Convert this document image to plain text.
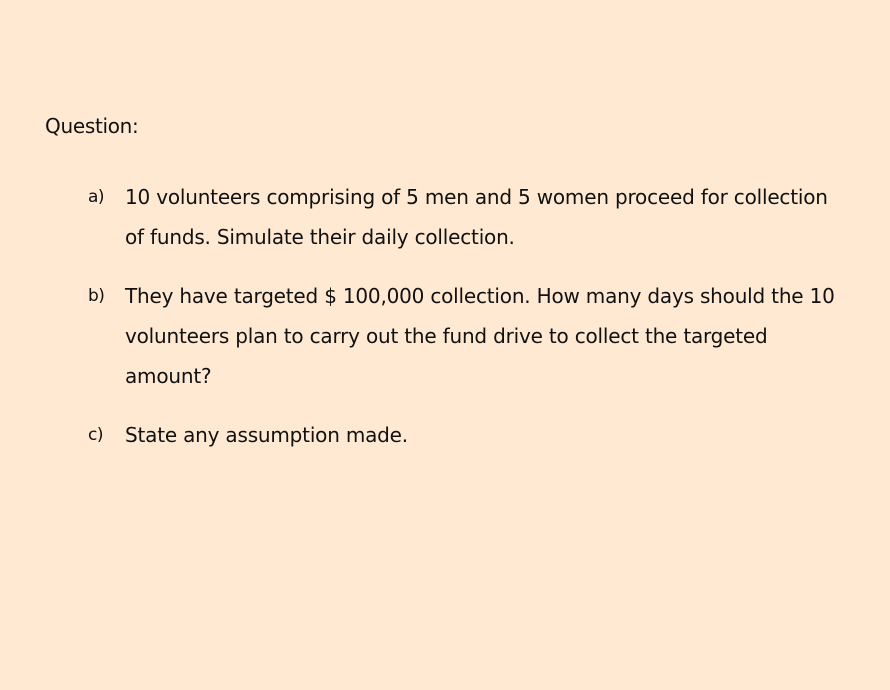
Question:
a)	10 volunteers comprising of 5 men and 5 women proceed for collection of funds. Simulate their daily collection.
b)	They have targeted $ 100,000 collection. How many days should the 10 volunteers plan to carry out the fund drive to collect the targeted amount?
c)	State any assumption made.
